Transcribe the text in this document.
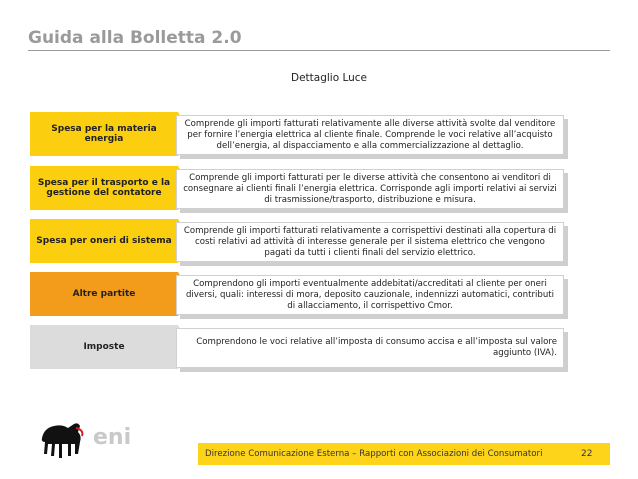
Guida alla Bolletta 2.0
Dettaglio Luce
Spesa per la materia energia
Comprende gli importi fatturati relativamente alle diverse attività svolte dal venditore per fornire l’energia elettrica al cliente finale. Comprende le voci relative all’acquisto dell’energia, al dispacciamento e alla commercializzazione al dettaglio.
Spesa per il trasporto e la gestione del contatore
Comprende gli importi fatturati per le diverse attività che consentono ai venditori di consegnare ai clienti finali l’energia elettrica. Corrisponde agli importi relativi ai servizi di trasmissione/trasporto, distribuzione e misura.
Spesa per oneri di sistema
Comprende gli importi fatturati relativamente a corrispettivi destinati alla copertura di costi relativi ad attività di interesse generale per il sistema elettrico che vengono pagati da tutti i clienti finali del servizio elettrico.
Altre partite
Comprendono gli importi eventualmente addebitati/accreditati al cliente per oneri diversi, quali: interessi di mora, deposito cauzionale, indennizzi automatici, contributi di allacciamento, il corrispettivo Cmor.
Imposte	Comprendono le voci relative all’imposta di consumo accisa e all’imposta sul valore aggiunto (IVA).
eni
Direzione Comunicazione Esterna – Rapporti con Associazioni dei Consumatori	22
